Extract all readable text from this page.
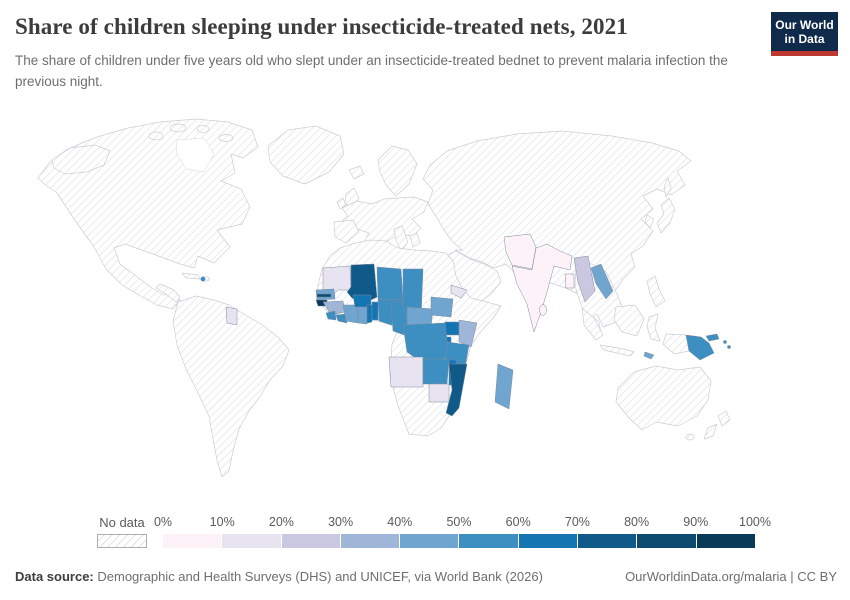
Share of children sleeping under insecticide-treated nets, 2021

The share of children under five years old who slept under an insecticide-treated bednet to prevent malaria infection the previous night.

Our World
in Data
No data 0%	10%	20%	30%	40%	50%	60%	70%	80%	90% 100%
Data source: Demographic and Health Surveys (DHS) and UNICEF, via World Bank (2026)	OurWorldinData.org/malaria | CC BY
